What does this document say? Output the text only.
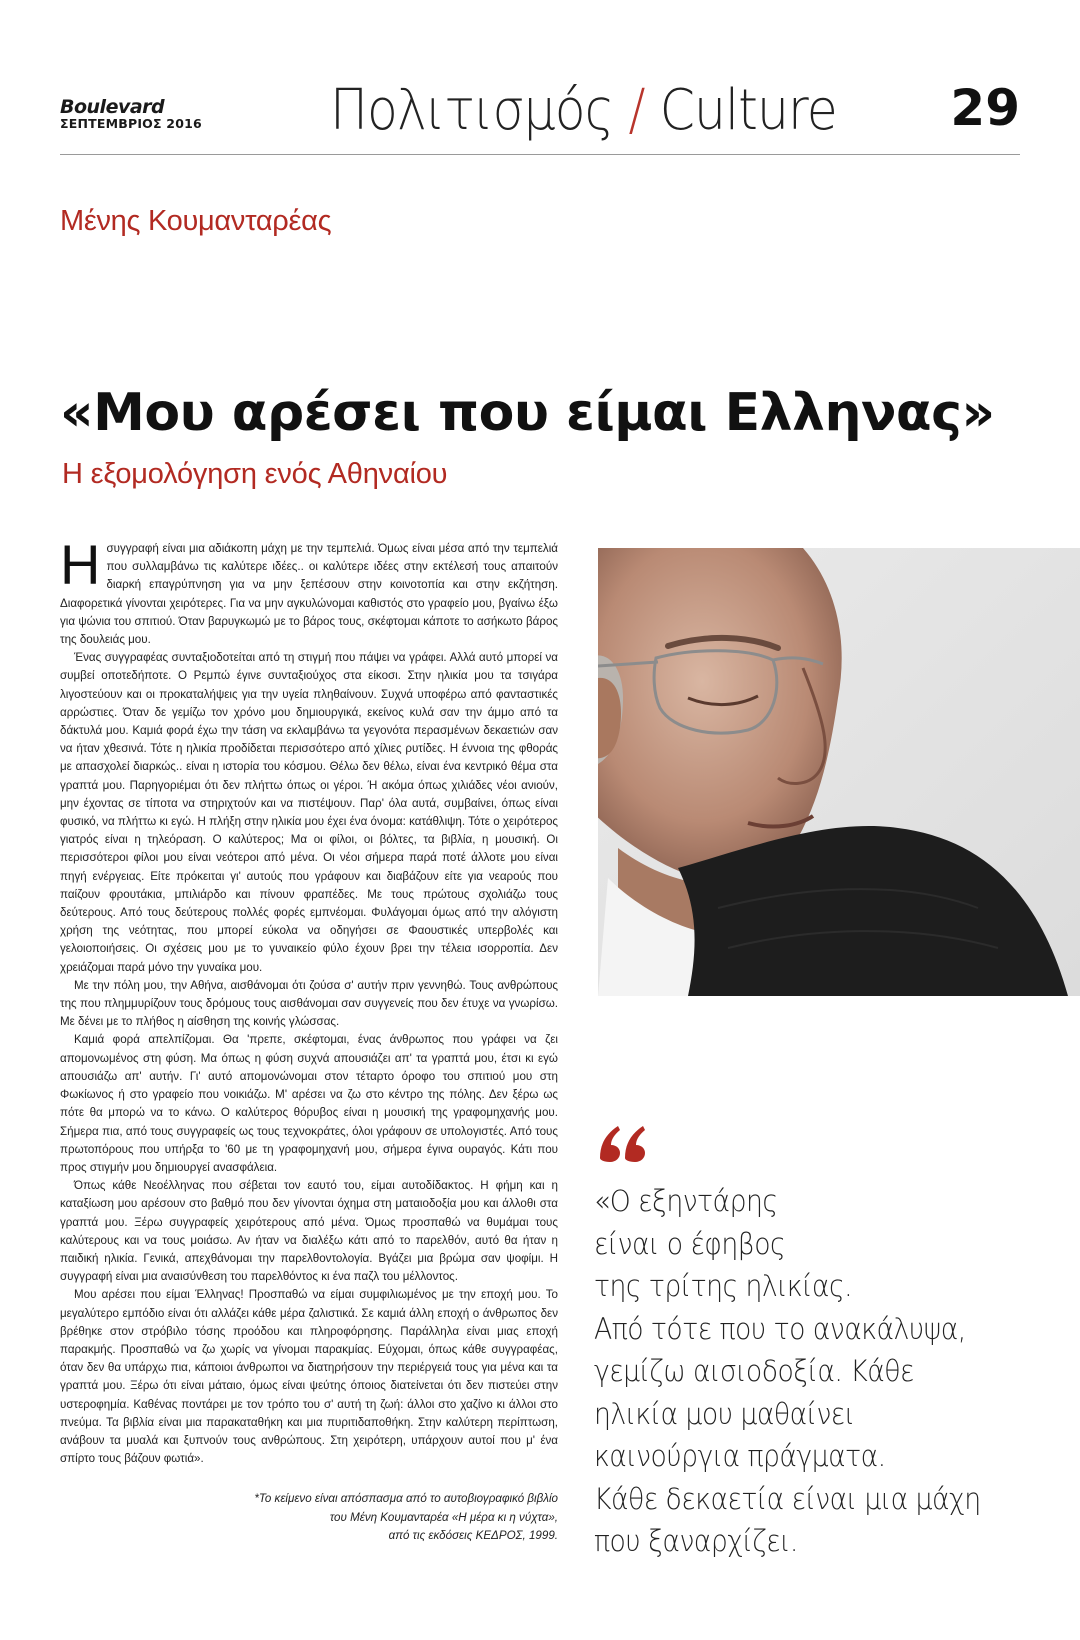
Boulevard
ΣΕΠΤΕΜΒΡΙΟΣ 2016 Πολιτισμός / Culture 29
Μένης Κουμανταρέας
«Μου αρέσει που είμαι Ελληνας»
Η εξομολόγηση ενός Αθηναίου

Η συγγραφή είναι μια αδιάκοπη μάχη με την τεμπελιά. Όμως είναι μέσα από την τεμπελιά που συλλαμβάνω τις καλύτερε ιδέες.. οι καλύτερε ιδέες στην εκτέλεσή τους απαιτούν διαρκή επαγρύπνηση για να μην ξεπέσουν στην κοινοτοπία και στην εκζήτηση. Διαφορετικά γίνονται χειρότερες. Για να μην αγκυλώνομαι καθιστός στο γραφείο μου, βγαίνω έξω για ψώνια του σπιτιού. Όταν βαρυγκωμώ με το βάρος τους, σκέφτομαι κάποτε το ασήκωτο βάρος της δουλειάς μου.

Ένας συγγραφέας συνταξιοδοτείται από τη στιγμή που πάψει να γράφει. Αλλά αυτό μπορεί να συμβεί οποτεδήποτε. Ο Ρεμπώ έγινε συνταξιούχος στα είκοσι. Στην ηλικία μου τα τσιγάρα λιγοστεύουν και οι προκαταλήψεις για την υγεία πληθαίνουν. Συχνά υποφέρω από φανταστικές αρρώστιες. Όταν δε γεμίζω τον χρόνο μου δημιουργικά, εκείνος κυλά σαν την άμμο από τα δάκτυλά μου. Καμιά φορά έχω την τάση να εκλαμβάνω τα γεγονότα περασμένων δεκαετιών σαν να ήταν χθεσινά. Τότε η ηλικία προδίδεται περισσότερο από χίλιες ρυτίδες. Η έννοια της φθοράς με απασχολεί διαρκώς.. είναι η ιστορία του κόσμου. Θέλω δεν θέλω, είναι ένα κεντρικό θέμα στα γραπτά μου. Παρηγοριέμαι ότι δεν πλήττω όπως οι γέροι. Ή ακόμα όπως χιλιάδες νέοι ανιούν, μην έχοντας σε τίποτα να στηριχτούν και να πιστέψουν. Παρ' όλα αυτά, συμβαίνει, όπως είναι φυσικό, να πλήττω κι εγώ. Η πλήξη στην ηλικία μου έχει ένα όνομα: κατάθλιψη. Τότε ο χειρότερος γιατρός είναι η τηλεόραση. Ο καλύτερος; Μα οι φίλοι, οι βόλτες, τα βιβλία, η μουσική. Οι περισσότεροι φίλοι μου είναι νεότεροι από μένα. Οι νέοι σήμερα παρά ποτέ άλλοτε μου είναι πηγή ενέργειας. Είτε πρόκειται γι' αυτούς που γράφουν και διαβάζουν είτε για νεαρούς που παίζουν φρουτάκια, μπιλιάρδο και πίνουν φραπέδες. Με τους πρώτους σχολιάζω τους δεύτερους. Από τους δεύτερους πολλές φορές εμπνέομαι. Φυλάγομαι όμως από την αλόγιστη χρήση της νεότητας, που μπορεί εύκολα να οδηγήσει σε Φαουστικές υπερβολές και γελοιοποιήσεις. Οι σχέσεις μου με το γυναικείο φύλο έχουν βρει την τέλεια ισορροπία. Δεν χρειάζομαι παρά μόνο την γυναίκα μου.

Με την πόλη μου, την Αθήνα, αισθάνομαι ότι ζούσα σ' αυτήν πριν γεννηθώ. Τους ανθρώπους της που πλημμυρίζουν τους δρόμους τους αισθάνομαι σαν συγγενείς που δεν έτυχε να γνωρίσω. Με δένει με το πλήθος η αίσθηση της κοινής γλώσσας.

Καμιά φορά απελπίζομαι. Θα 'πρεπε, σκέφτομαι, ένας άνθρωπος που γράφει να ζει απομονωμένος στη φύση. Μα όπως η φύση συχνά απουσιάζει απ' τα γραπτά μου, έτσι κι εγώ απουσιάζω απ' αυτήν. Γι' αυτό απομονώνομαι στον τέταρτο όροφο του σπιτιού μου στη Φωκίωνος ή στο γραφείο που νοικιάζω. Μ' αρέσει να ζω στο κέντρο της πόλης. Δεν ξέρω ως πότε θα μπορώ να το κάνω. Ο καλύτερος θόρυβος είναι η μουσική της γραφομηχανής μου. Σήμερα πια, από τους συγγραφείς ως τους τεχνοκράτες, όλοι γράφουν σε υπολογιστές. Από τους πρωτοπόρους που υπήρξα το '60 με τη γραφομηχανή μου, σήμερα έγινα ουραγός. Κάτι που προς στιγμήν μου δημιουργεί ανασφάλεια.

Όπως κάθε Νεοέλληνας που σέβεται τον εαυτό του, είμαι αυτοδίδακτος. Η φήμη και η καταξίωση μου αρέσουν στο βαθμό που δεν γίνονται όχημα στη ματαιοδοξία μου και άλλοθι στα γραπτά μου. Ξέρω συγγραφείς χειρότερους από μένα. Όμως προσπαθώ να θυμάμαι τους καλύτερους και να τους μοιάσω. Αν ήταν να διαλέξω κάτι από το παρελθόν, αυτό θα ήταν η παιδική ηλικία. Γενικά, απεχθάνομαι την παρελθοντολογία. Βγάζει μια βρώμα σαν ψοφίμι. Η συγγραφή είναι μια αναισύνθεση του παρελθόντος κι ένα παζλ του μέλλοντος.

Μου αρέσει που είμαι Έλληνας! Προσπαθώ να είμαι συμφιλιωμένος με την εποχή μου. Το μεγαλύτερο εμπόδιο είναι ότι αλλάζει κάθε μέρα ζαλιστικά. Σε καμιά άλλη εποχή ο άνθρωπος δεν βρέθηκε στον στρόβιλο τόσης προόδου και πληροφόρησης. Παράλληλα είναι μιας εποχή παρακμής. Προσπαθώ να ζω χωρίς να γίνομαι παρακμίας. Εύχομαι, όπως κάθε συγγραφέας, όταν δεν θα υπάρχω πια, κάποιοι άνθρωποι να διατηρήσουν την περιέργειά τους για μένα και τα γραπτά μου. Ξέρω ότι είναι μάταιο, όμως είναι ψεύτης όποιος διατείνεται ότι δεν πιστεύει στην υστεροφημία. Καθένας ποντάρει με τον τρόπο του σ' αυτή τη ζωή: άλλοι στο χαζίνο κι άλλοι στο πνεύμα. Τα βιβλία είναι μια παρακαταθήκη και μια πυριτιδαποθήκη. Στην καλύτερη περίπτωση, ανάβουν τα μυαλά και ξυπνούν τους ανθρώπους. Στη χειρότερη, υπάρχουν αυτοί που μ' ένα σπίρτο τους βάζουν φωτιά».

*Το κείμενο είναι απόσπασμα από το αυτοβιογραφικό βιβλίο
του Μένη Κουμανταρέα «Η μέρα κι η νύχτα»,
από τις εκδόσεις ΚΕΔΡΟΣ, 1999.
«Ο εξηντάρης
είναι ο έφηβος
της τρίτης ηλικίας.
Από τότε που το ανακάλυψα,
γεμίζω αισιοδοξία. Κάθε
ηλικία μου μαθαίνει
καινούργια πράγματα.
Κάθε δεκαετία είναι μια μάχη
που ξαναρχίζει.
